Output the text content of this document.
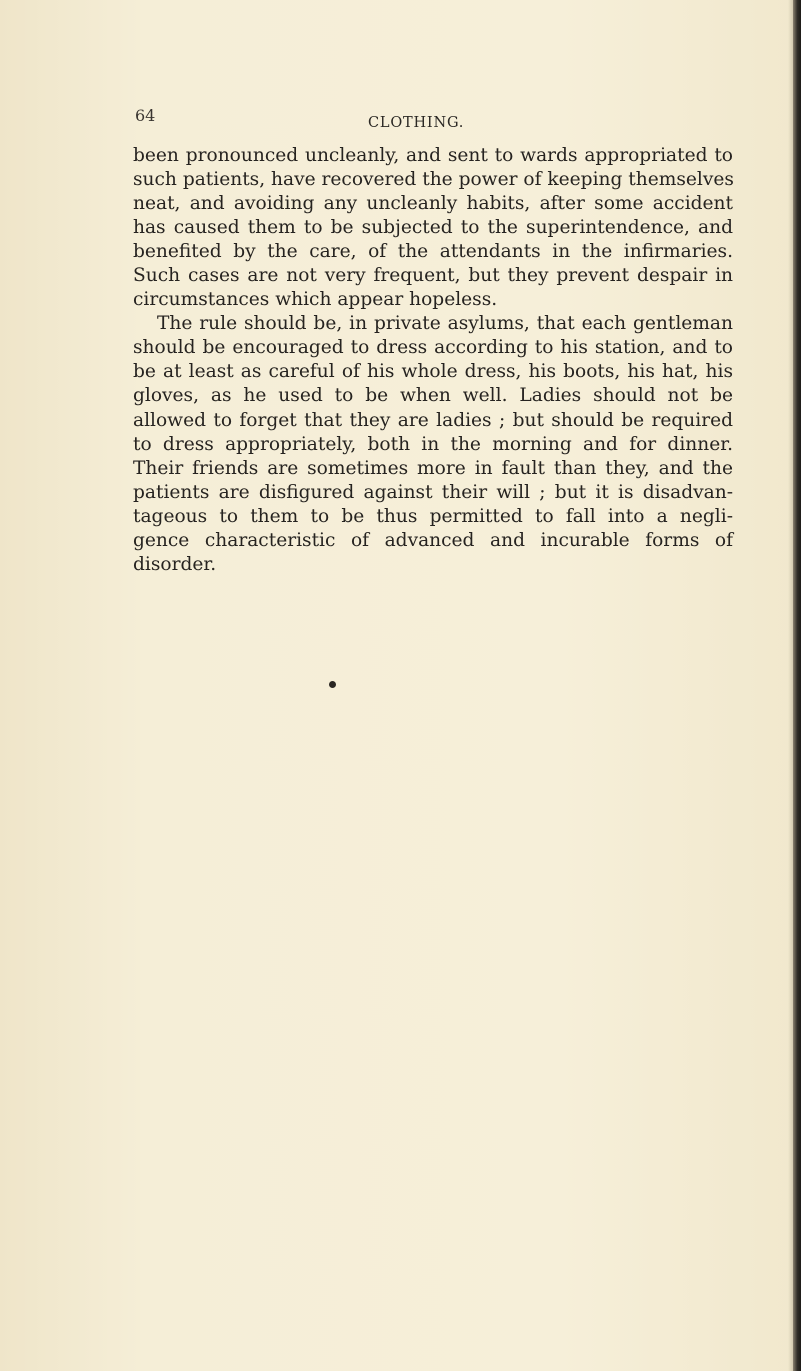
64	CLOTHING.
been pronounced uncleanly, and sent to wards appropriated to
such patients, have recovered the power of keeping themselves
neat, and avoiding any uncleanly habits, after some accident
has caused them to be subjected to the superintendence, and
benefited by the care, of the attendants in the infirmaries.
Such cases are not very frequent, but they prevent despair in
circumstances which appear hopeless.
The rule should be, in private asylums, that each gentleman
should be encouraged to dress according to his station, and to
be at least as careful of his whole dress, his boots, his hat, his
gloves, as he used to be when well. Ladies should not be
allowed to forget that they are ladies ; but should be required
to dress appropriately, both in the morning and for dinner.
Their friends are sometimes more in fault than they, and the
patients are disfigured against their will ; but it is disadvan-
tageous to them to be thus permitted to fall into a negli-
gence characteristic of advanced and incurable forms of
disorder.
